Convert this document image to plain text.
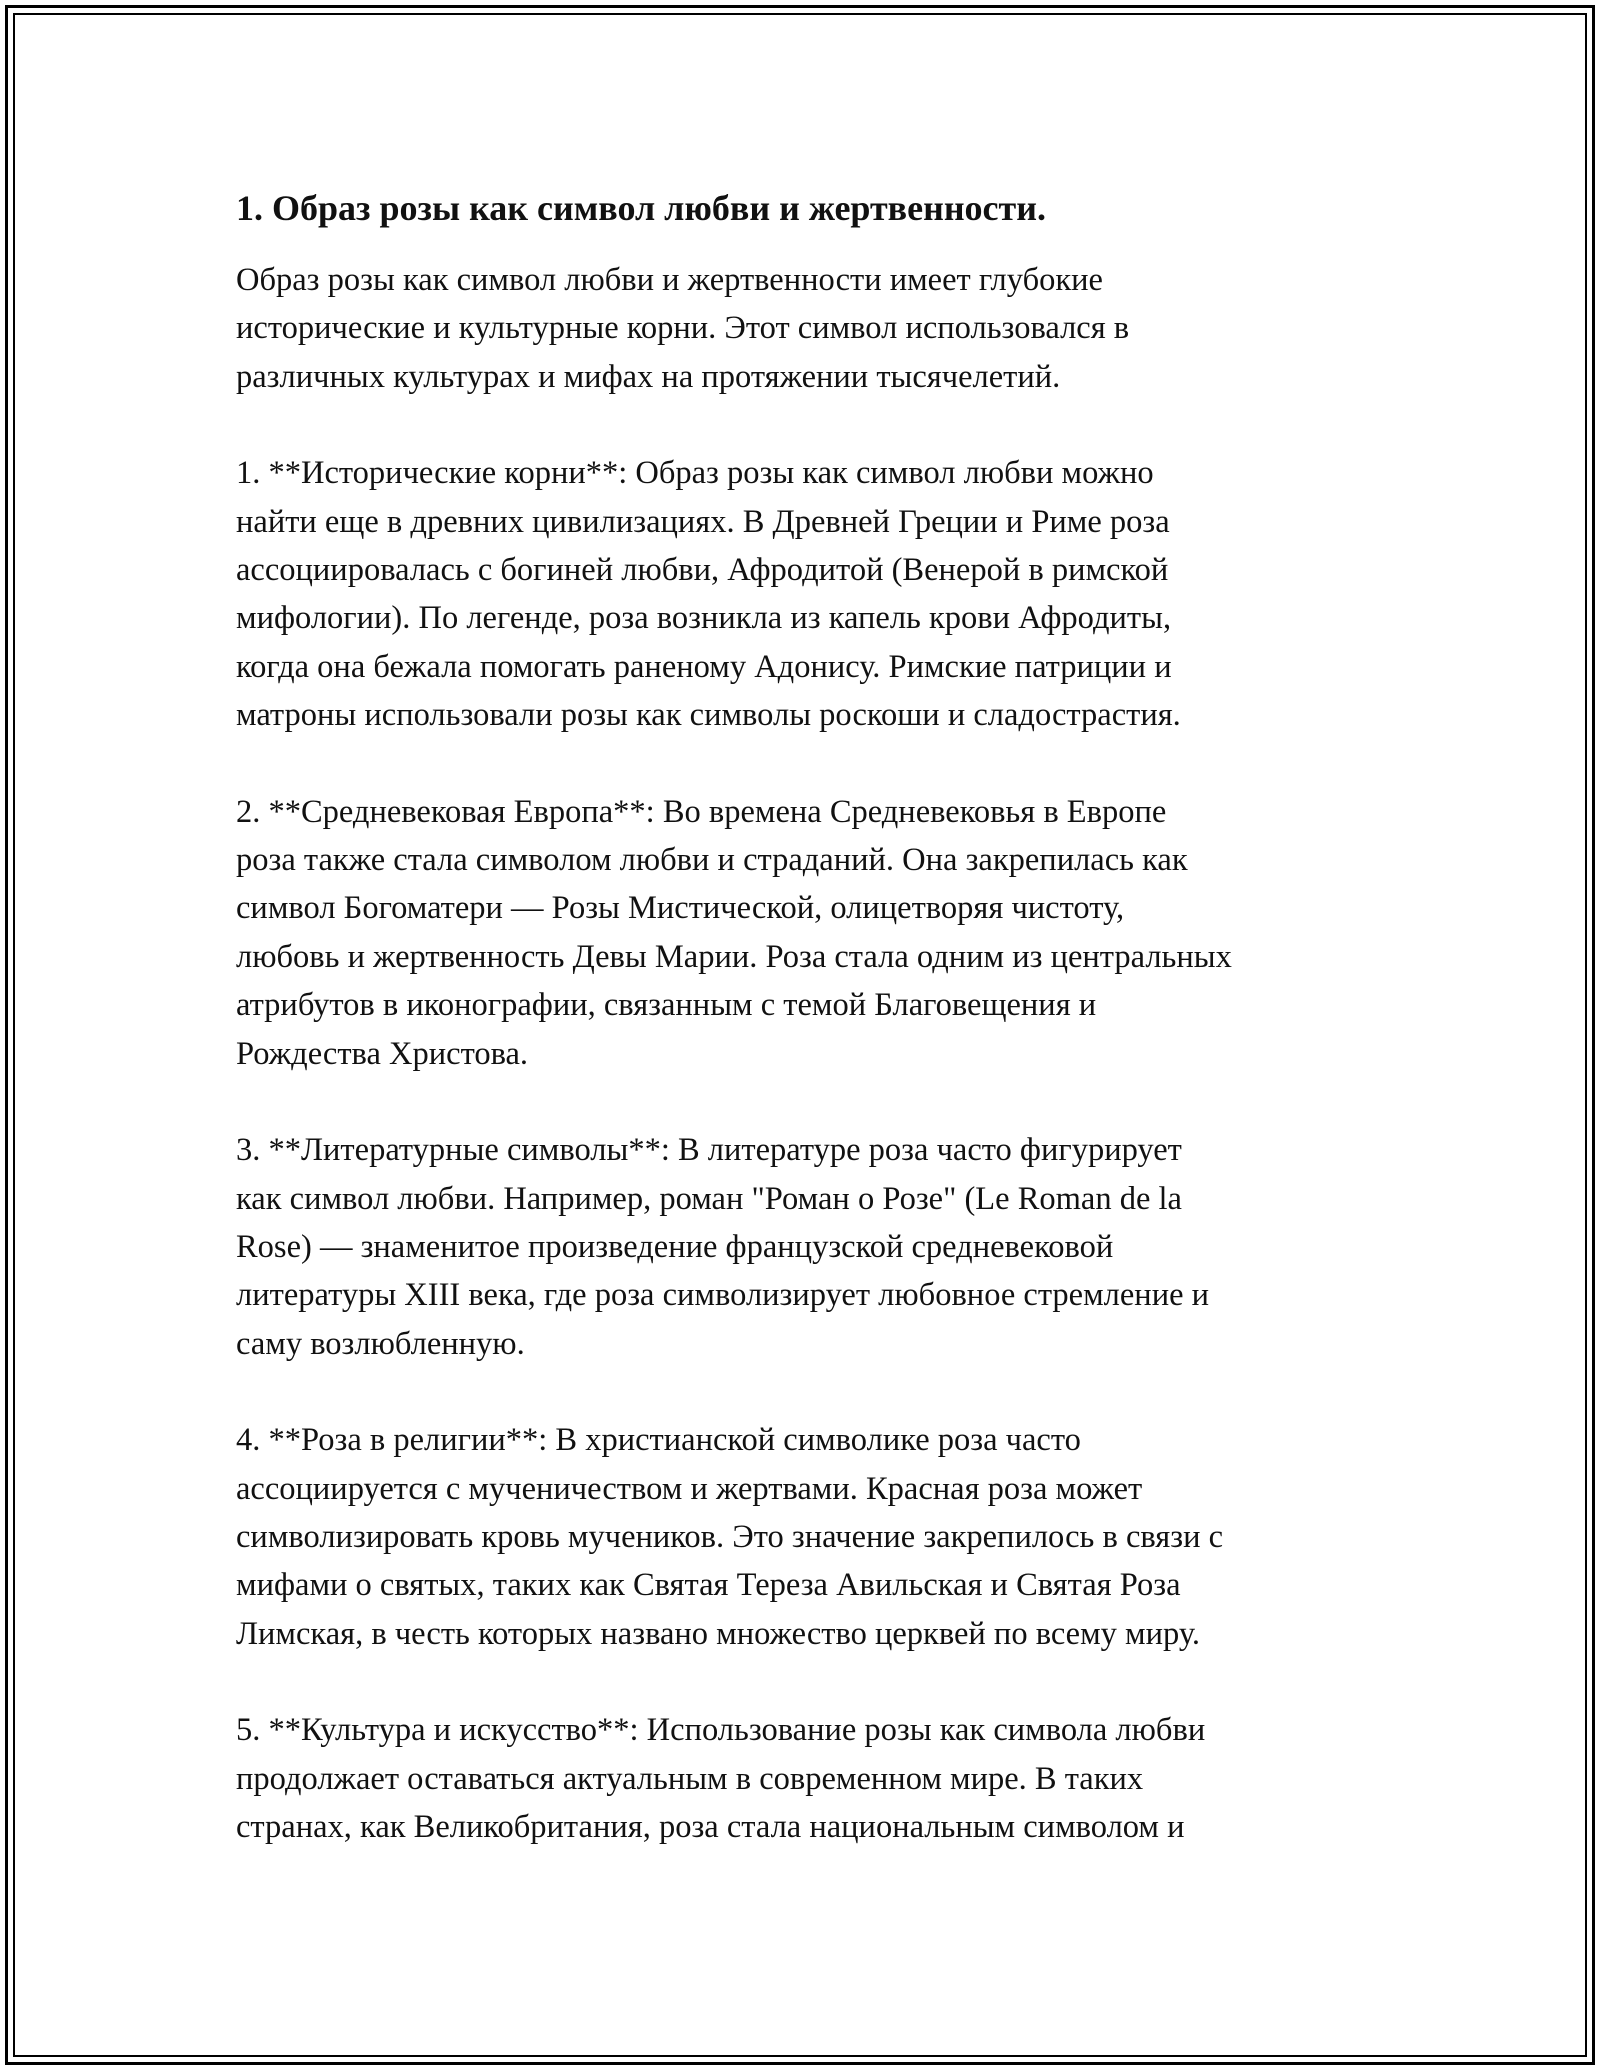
1. Образ розы как символ любви и жертвенности.

Образ розы как символ любви и жертвенности имеет глубокие
исторические и культурные корни. Этот символ использовался в
различных культурах и мифах на протяжении тысячелетий.

1. **Исторические корни**: Образ розы как символ любви можно
найти еще в древних цивилизациях. В Древней Греции и Риме роза
ассоциировалась с богиней любви, Афродитой (Венерой в римской
мифологии). По легенде, роза возникла из капель крови Афродиты,
когда она бежала помогать раненому Адонису. Римские патриции и
матроны использовали розы как символы роскоши и сладострастия.

2. **Средневековая Европа**: Во времена Средневековья в Европе
роза также стала символом любви и страданий. Она закрепилась как
символ Богоматери — Розы Мистической, олицетворяя чистоту,
любовь и жертвенность Девы Марии. Роза стала одним из центральных
атрибутов в иконографии, связанным с темой Благовещения и
Рождества Христова.

3. **Литературные символы**: В литературе роза часто фигурирует
как символ любви. Например, роман "Роман о Розе" (Le Roman de la
Rose) — знаменитое произведение французской средневековой
литературы XIII века, где роза символизирует любовное стремление и
саму возлюбленную.

4. **Роза в религии**: В христианской символике роза часто
ассоциируется с мученичеством и жертвами. Красная роза может
символизировать кровь мучеников. Это значение закрепилось в связи с
мифами о святых, таких как Святая Тереза Авильская и Святая Роза
Лимская, в честь которых названо множество церквей по всему миру.

5. **Культура и искусство**: Использование розы как символа любви
продолжает оставаться актуальным в современном мире. В таких
странах, как Великобритания, роза стала национальным символом и
